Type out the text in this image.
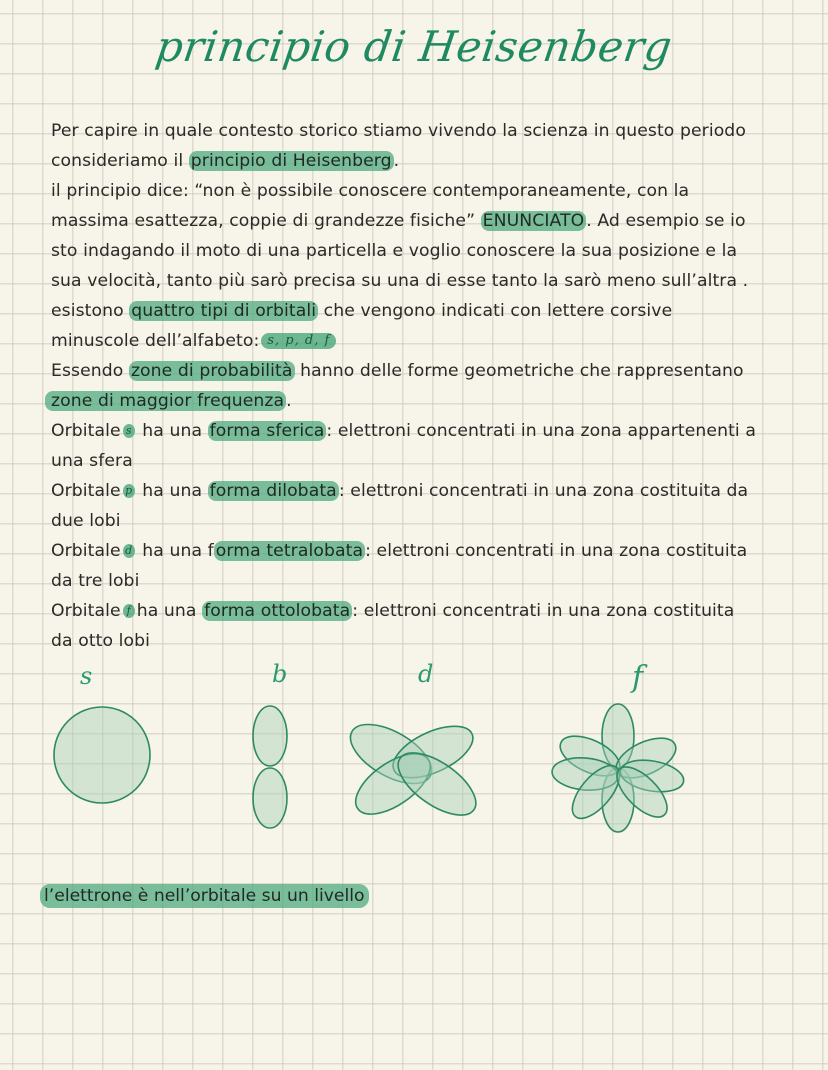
principio di Heisenberg
Per capire in quale contesto storico stiamo vivendo la scienza in questo periodo
consideriamo il principio di Heisenberg .
il principio dice: “non è possibile conoscere contemporaneamente, con la
massima esattezza, coppie di grandezze fisiche” ENUNCIATO . Ad esempio se io
sto indagando il moto di una particella e voglio conoscere la sua posizione e la
sua velocità, tanto più sarò precisa su una di esse tanto la sarò meno sull’altra .
esistono quattro tipi di orbitali che vengono indicati con lettere corsive
minuscole dell’alfabeto: s, p, d, f
Essendo zone di probabilità hanno delle forme geometriche che rappresentano
zone di maggior frequenza .
Orbitale s ha una forma sferica : elettroni concentrati in una zona appartenenti a
una sfera
Orbitale p ha una forma dilobata : elettroni concentrati in una zona costituita da
due lobi
Orbitale d ha una f orma tetralobata : elettroni concentrati in una zona costituita
da tre lobi
Orbitale f ha una forma ottolobata : elettroni concentrati in una zona costituita
da otto lobi
s	b	d	f
l’elettrone è nell’orbitale su un livello
